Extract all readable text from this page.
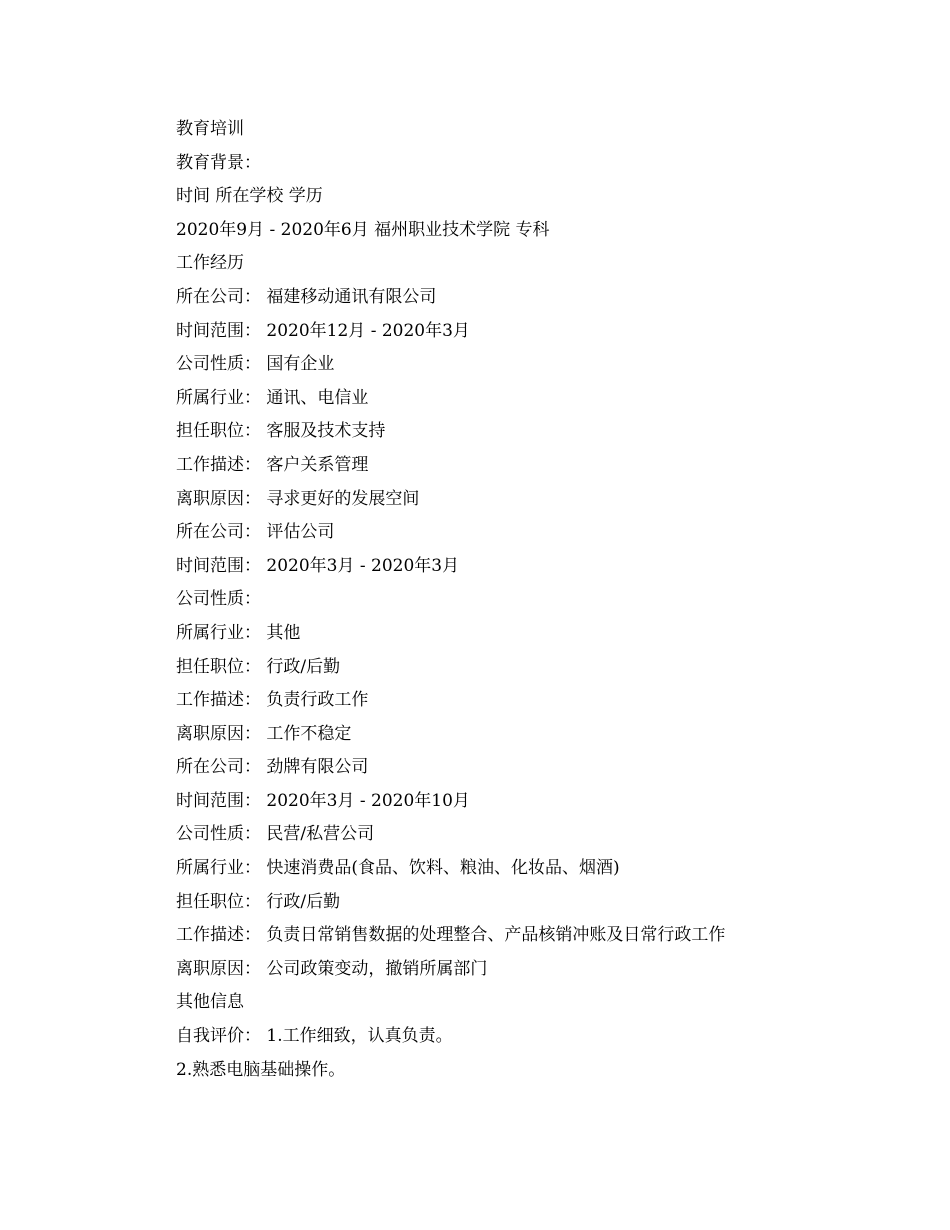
教育培训
教育背景：
时间 所在学校 学历
2020年9月 - 2020年6月 福州职业技术学院 专科
工作经历
所在公司： 福建移动通讯有限公司
时间范围： 2020年12月 - 2020年3月
公司性质： 国有企业
所属行业： 通讯、电信业
担任职位： 客服及技术支持
工作描述： 客户关系管理
离职原因： 寻求更好的发展空间
所在公司： 评估公司
时间范围： 2020年3月 - 2020年3月
公司性质：
所属行业： 其他
担任职位： 行政/后勤
工作描述： 负责行政工作
离职原因： 工作不稳定
所在公司： 劲牌有限公司
时间范围： 2020年3月 - 2020年10月
公司性质： 民营/私营公司
所属行业： 快速消费品(食品、饮料、粮油、化妆品、烟酒)
担任职位： 行政/后勤
工作描述： 负责日常销售数据的处理整合、产品核销冲账及日常行政工作
离职原因： 公司政策变动，撤销所属部门
其他信息
自我评价： 1.工作细致，认真负责。
2.熟悉电脑基础操作。
